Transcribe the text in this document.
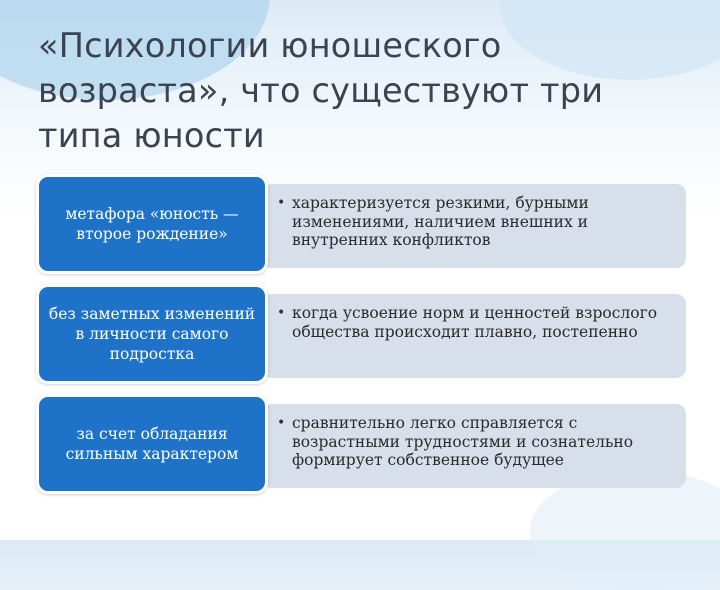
«Психологии юношеского
возраста», что существуют три
типа юности
• характеризуется резкими, бурными изменениями, наличием внешних и внутренних конфликтов
метафора «юность — второе рождение»
• когда усвоение норм и ценностей взрослого общества происходит плавно, постепенно
без заметных изменений в личности самого подростка
• сравнительно легко справляется с возрастными трудностями и сознательно формирует собственное будущее
за счет обладания сильным характером
